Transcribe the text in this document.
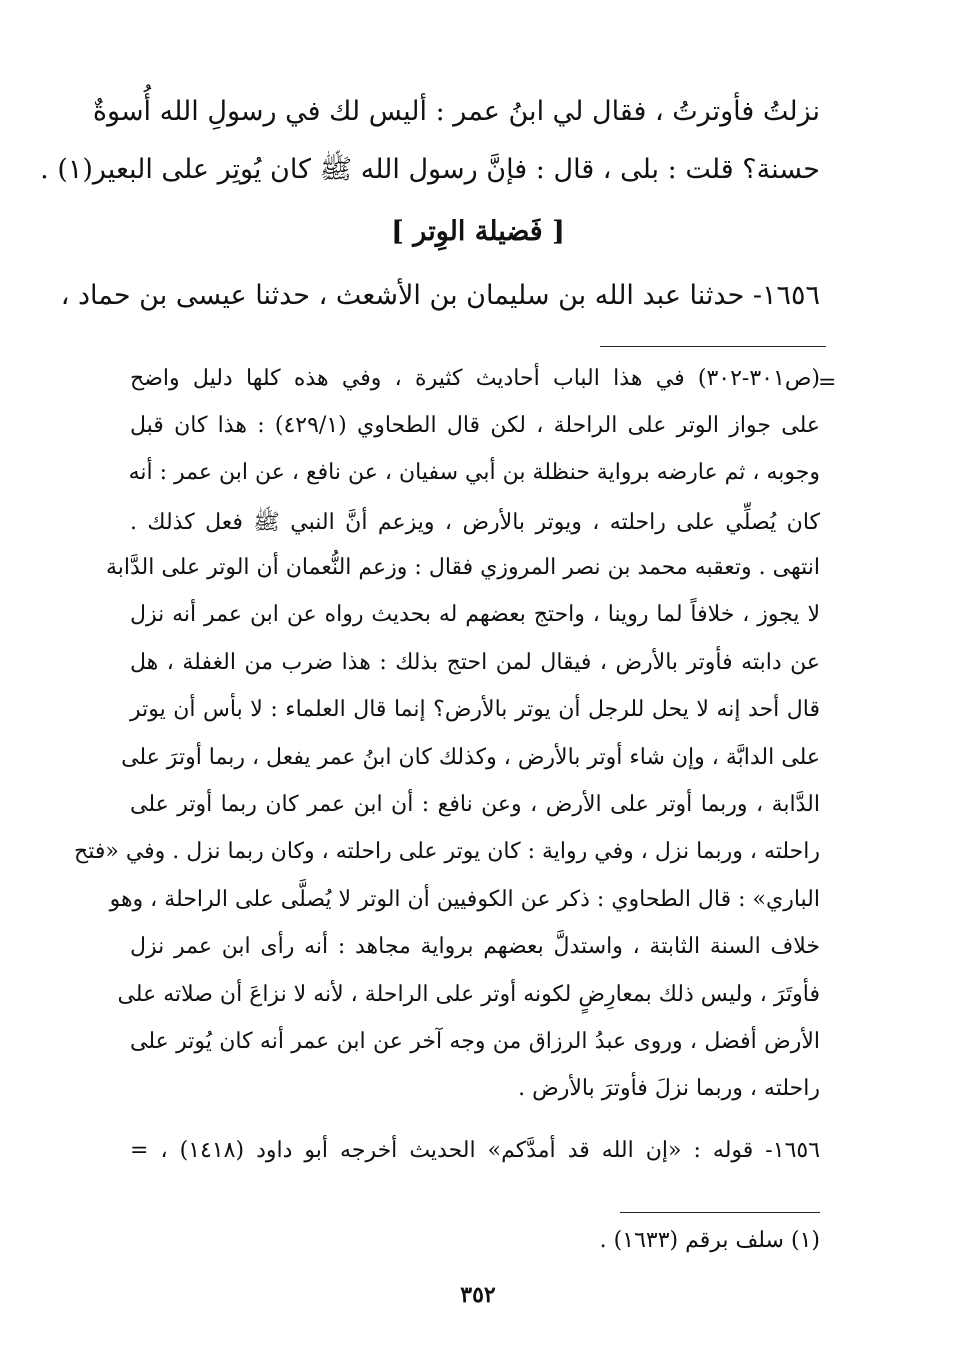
نزلتُ فأوترتُ ، فقال لي ابنُ عمر : أليس لك في رسولِ الله أُسوةٌ
حسنة؟ قلت : بلى ، قال : فإنَّ رسول الله ﷺ كان يُوتِر على البعير(١) .
[ فَضيلة الوِتر ]
١٦٥٦- حدثنا عبد الله بن سليمان بن الأشعث ، حدثنا عيسى بن حماد ،
=
(ص٣٠١-٣٠٢) في هذا الباب أحاديث كثيرة ، وفي هذه كلها دليل واضح
على جواز الوتر على الراحلة ، لكن قال الطحاوي (٤٢٩/١) : هذا كان قبل
وجوبه ، ثم عارضه برواية حنظلة بن أبي سفيان ، عن نافع ، عن ابن عمر : أنه
كان يُصلِّي على راحلته ، ويوتر بالأرض ، ويزعم أنَّ النبي ﷺ فعل كذلك .
انتهى . وتعقبه محمد بن نصر المروزي فقال : وزعم النُّعمان أن الوتر على الدَّابة
لا يجوز ، خلافاً لما روينا ، واحتج بعضهم له بحديث رواه عن ابن عمر أنه نزل
عن دابته فأوتر بالأرض ، فيقال لمن احتج بذلك : هذا ضرب من الغفلة ، هل
قال أحد إنه لا يحل للرجل أن يوتر بالأرض؟ إنما قال العلماء : لا بأس أن يوتر
على الدابَّة ، وإن شاء أوتر بالأرض ، وكذلك كان ابنُ عمر يفعل ، ربما أوترَ على
الدَّابة ، وربما أوتر على الأرض ، وعن نافع : أن ابن عمر كان ربما أوتر على
راحلته ، وربما نزل ، وفي رواية : كان يوتر على راحلته ، وكان ربما نزل . وفي «فتح
الباري» : قال الطحاوي : ذكر عن الكوفيين أن الوتر لا يُصلَّى على الراحلة ، وهو
خلاف السنة الثابتة ، واستدلَّ بعضهم برواية مجاهد : أنه رأى ابن عمر نزل
فأوتَرَ ، وليس ذلك بمعارِضٍ لكونه أوتر على الراحلة ، لأنه لا نزاعَ أن صلاته على
الأرض أفضل ، وروى عبدُ الرزاق من وجه آخر عن ابن عمر أنه كان يُوتر على
راحلته ، وربما نزلَ فأوترَ بالأرض .
١٦٥٦- قوله : «إن الله قد أمدَّكم» الحديث أخرجه أبو داود (١٤١٨) ، =
(١) سلف برقم (١٦٣٣) .
٣٥٢
